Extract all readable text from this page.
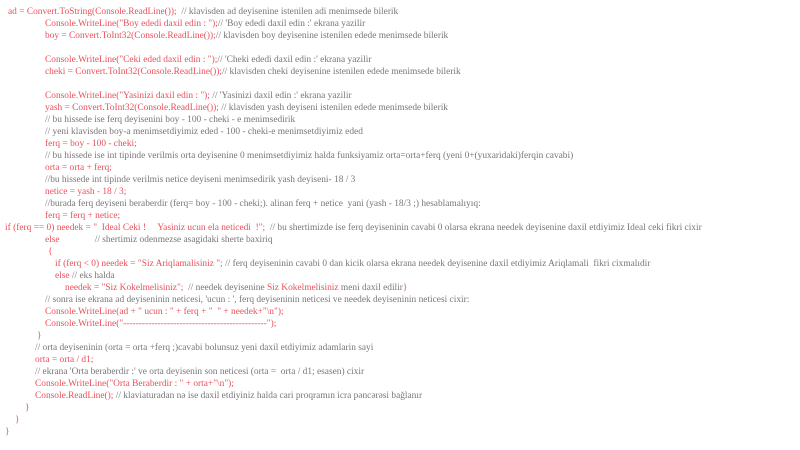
ad = Convert.ToString(Console.ReadLine());  // klavisden ad deyisenine istenilen adi menimsede bilerik
Console.WriteLine("Boy ededi daxil edin : ");// 'Boy ededi daxil edin :' ekrana yazilir
boy = Convert.ToInt32(Console.ReadLine());// klavisden boy deyisenine istenilen edede menimsede bilerik
Console.WriteLine("Ceki eded daxil edin : ");// 'Cheki ededi daxil edin :' ekrana yazilir
cheki = Convert.ToInt32(Console.ReadLine());// klavisden cheki deyisenine istenilen edede menimsede bilerik
Console.WriteLine("Yasinizi daxil edin : "); // 'Yasinizi daxil edin :' ekrana yazilir
yash = Convert.ToInt32(Console.ReadLine()); // klavisden yash deyiseni istenilen edede menimsede bilerik
// bu hissede ise ferq deyisenini boy - 100 - cheki - e menimsedirik
// yeni klavisden boy-a menimsetdiyimiz eded - 100 - cheki-e menimsetdiyimiz eded
ferq = boy - 100 - cheki;
// bu hissede ise int tipinde verilmis orta deyisenine 0 menimsetdiyimiz halda funksiyamiz orta=orta+ferq (yeni 0+(yuxaridaki)ferqin cavabi)
orta = orta + ferq;
//bu hissede int tipinde verilmis netice deyiseni menimsedirik yash deyiseni- 18 / 3
netice = yash - 18 / 3;
//burada ferq deyiseni beraberdir (ferq= boy - 100 - cheki;). alinan ferq + netice  yani (yash - 18/3 ;) hesablamalıyıq:
ferq = ferq + netice;
if (ferq == 0) needek = "  Ideal Ceki !     Yasiniz ucun ela neticedi  !";  // bu shertimizde ise ferq deyiseninin cavabi 0 olarsa ekrana needek deyisenine daxil etdiyimiz Ideal ceki fikri cixir
else               // shertimiz odenmezse asagidaki sherte baxiriq
{
if (ferq < 0) needek = "Siz Ariqlamalisiniz "; // ferq deyiseninin cavabi 0 dan kicik olarsa ekrana needek deyisenine daxil etdiyimiz Ariqlamali  fikri cixmalıdir
else // eks halda
needek = "Siz Kokelmelisiniz";  // needek deyisenine Siz Kokelmelisiniz meni daxil edilir}
// sonra ise ekrana ad deyiseninin neticesi, 'ucun : ', ferq deyiseninin neticesi ve needek deyiseninin neticesi cixir:
Console.WriteLine(ad + " ucun : " + ferq + "  " + needek+"\n");
Console.WriteLine("----------------------------------------------");
}
// orta deyiseninin (orta = orta +ferq ;)cavabi bolunsuz yeni daxil etdiyimiz adamlarin sayi
orta = orta / d1;
// ekrana 'Orta beraberdir :' ve orta deyisenin son neticesi (orta =  orta / d1; esasen) cixir
Console.WriteLine("Orta Beraberdir : " + orta+"\n");
Console.ReadLine(); // klaviaturadan nə ise daxil etdiyiniz halda cari proqramın icra pəncərəsi bağlanır
}
}
}
